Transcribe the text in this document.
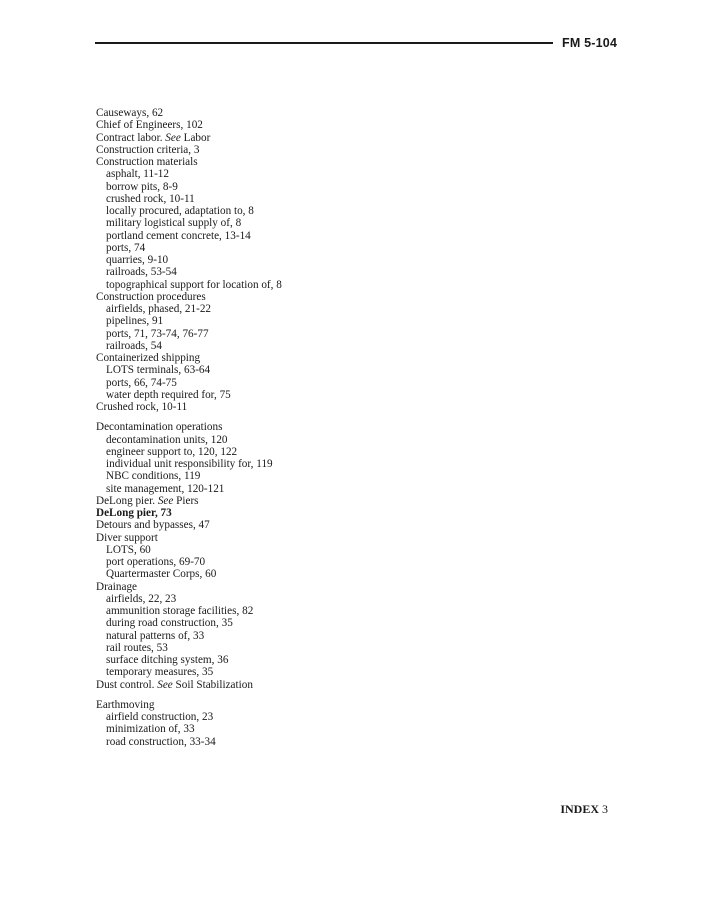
FM 5-104
Causeways, 62
Chief of Engineers, 102
Contract labor. See Labor
Construction criteria, 3
Construction materials
asphalt, 11-12
borrow pits, 8-9
crushed rock, 10-11
locally procured, adaptation to, 8
military logistical supply of, 8
portland cement concrete, 13-14
ports, 74
quarries, 9-10
railroads, 53-54
topographical support for location of, 8
Construction procedures
airfields, phased, 21-22
pipelines, 91
ports, 71, 73-74, 76-77
railroads, 54
Containerized shipping
LOTS terminals, 63-64
ports, 66, 74-75
water depth required for, 75
Crushed rock, 10-11
Decontamination operations
decontamination units, 120
engineer support to, 120, 122
individual unit responsibility for, 119
NBC conditions, 119
site management, 120-121
DeLong pier. See Piers
DeLong pier, 73
Detours and bypasses, 47
Diver support
LOTS, 60
port operations, 69-70
Quartermaster Corps, 60
Drainage
airfields, 22, 23
ammunition storage facilities, 82
during road construction, 35
natural patterns of, 33
rail routes, 53
surface ditching system, 36
temporary measures, 35
Dust control. See Soil Stabilization
Earthmoving
airfield construction, 23
minimization of, 33
road construction, 33-34
INDEX 3
